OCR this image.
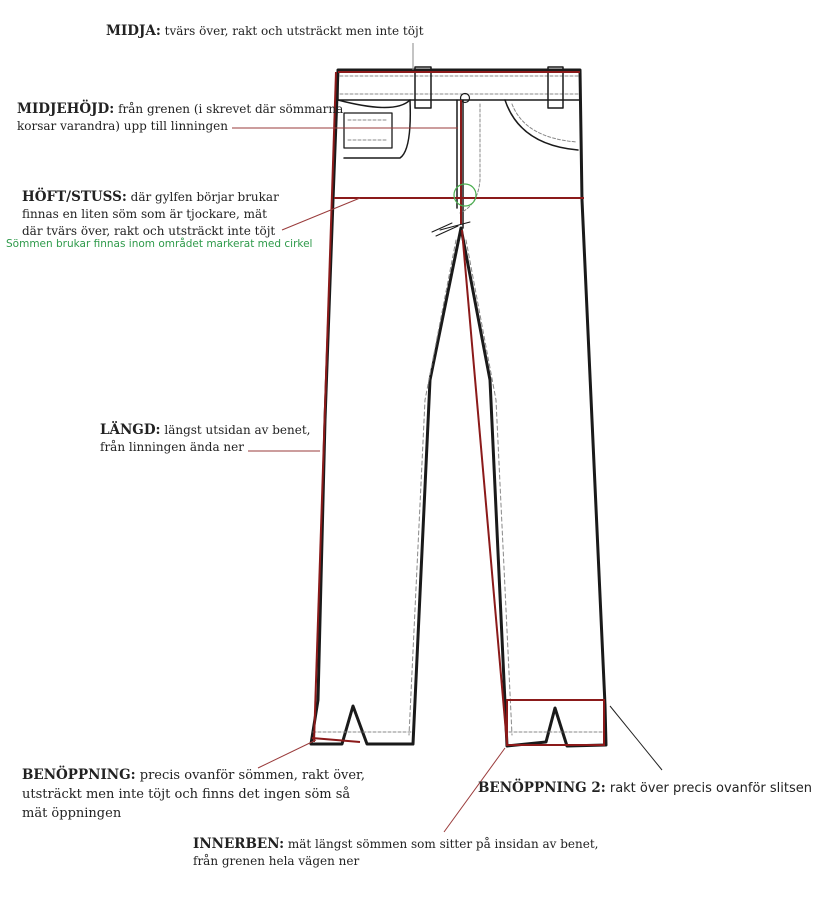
MIDJA: tvärs över, rakt och utsträckt men inte töjt
MIDJEHÖJD: från grenen (i skrevet där sömmarna
korsar varandra) upp till linningen
HÖFT/STUSS: där gylfen börjar brukar
finnas en liten söm som är tjockare, mät
där tvärs över, rakt och utsträckt inte töjt
Sömmen brukar finnas inom området markerat med cirkel
LÄNGD: längst utsidan av benet,
från linningen ända ner
BENÖPPNING: precis ovanför sömmen, rakt över,
utsträckt men inte töjt och finns det ingen söm så
mät öppningen
BENÖPPNING 2: rakt över precis ovanför slitsen
INNERBEN: mät längst sömmen som sitter på insidan av benet,
från grenen hela vägen ner
